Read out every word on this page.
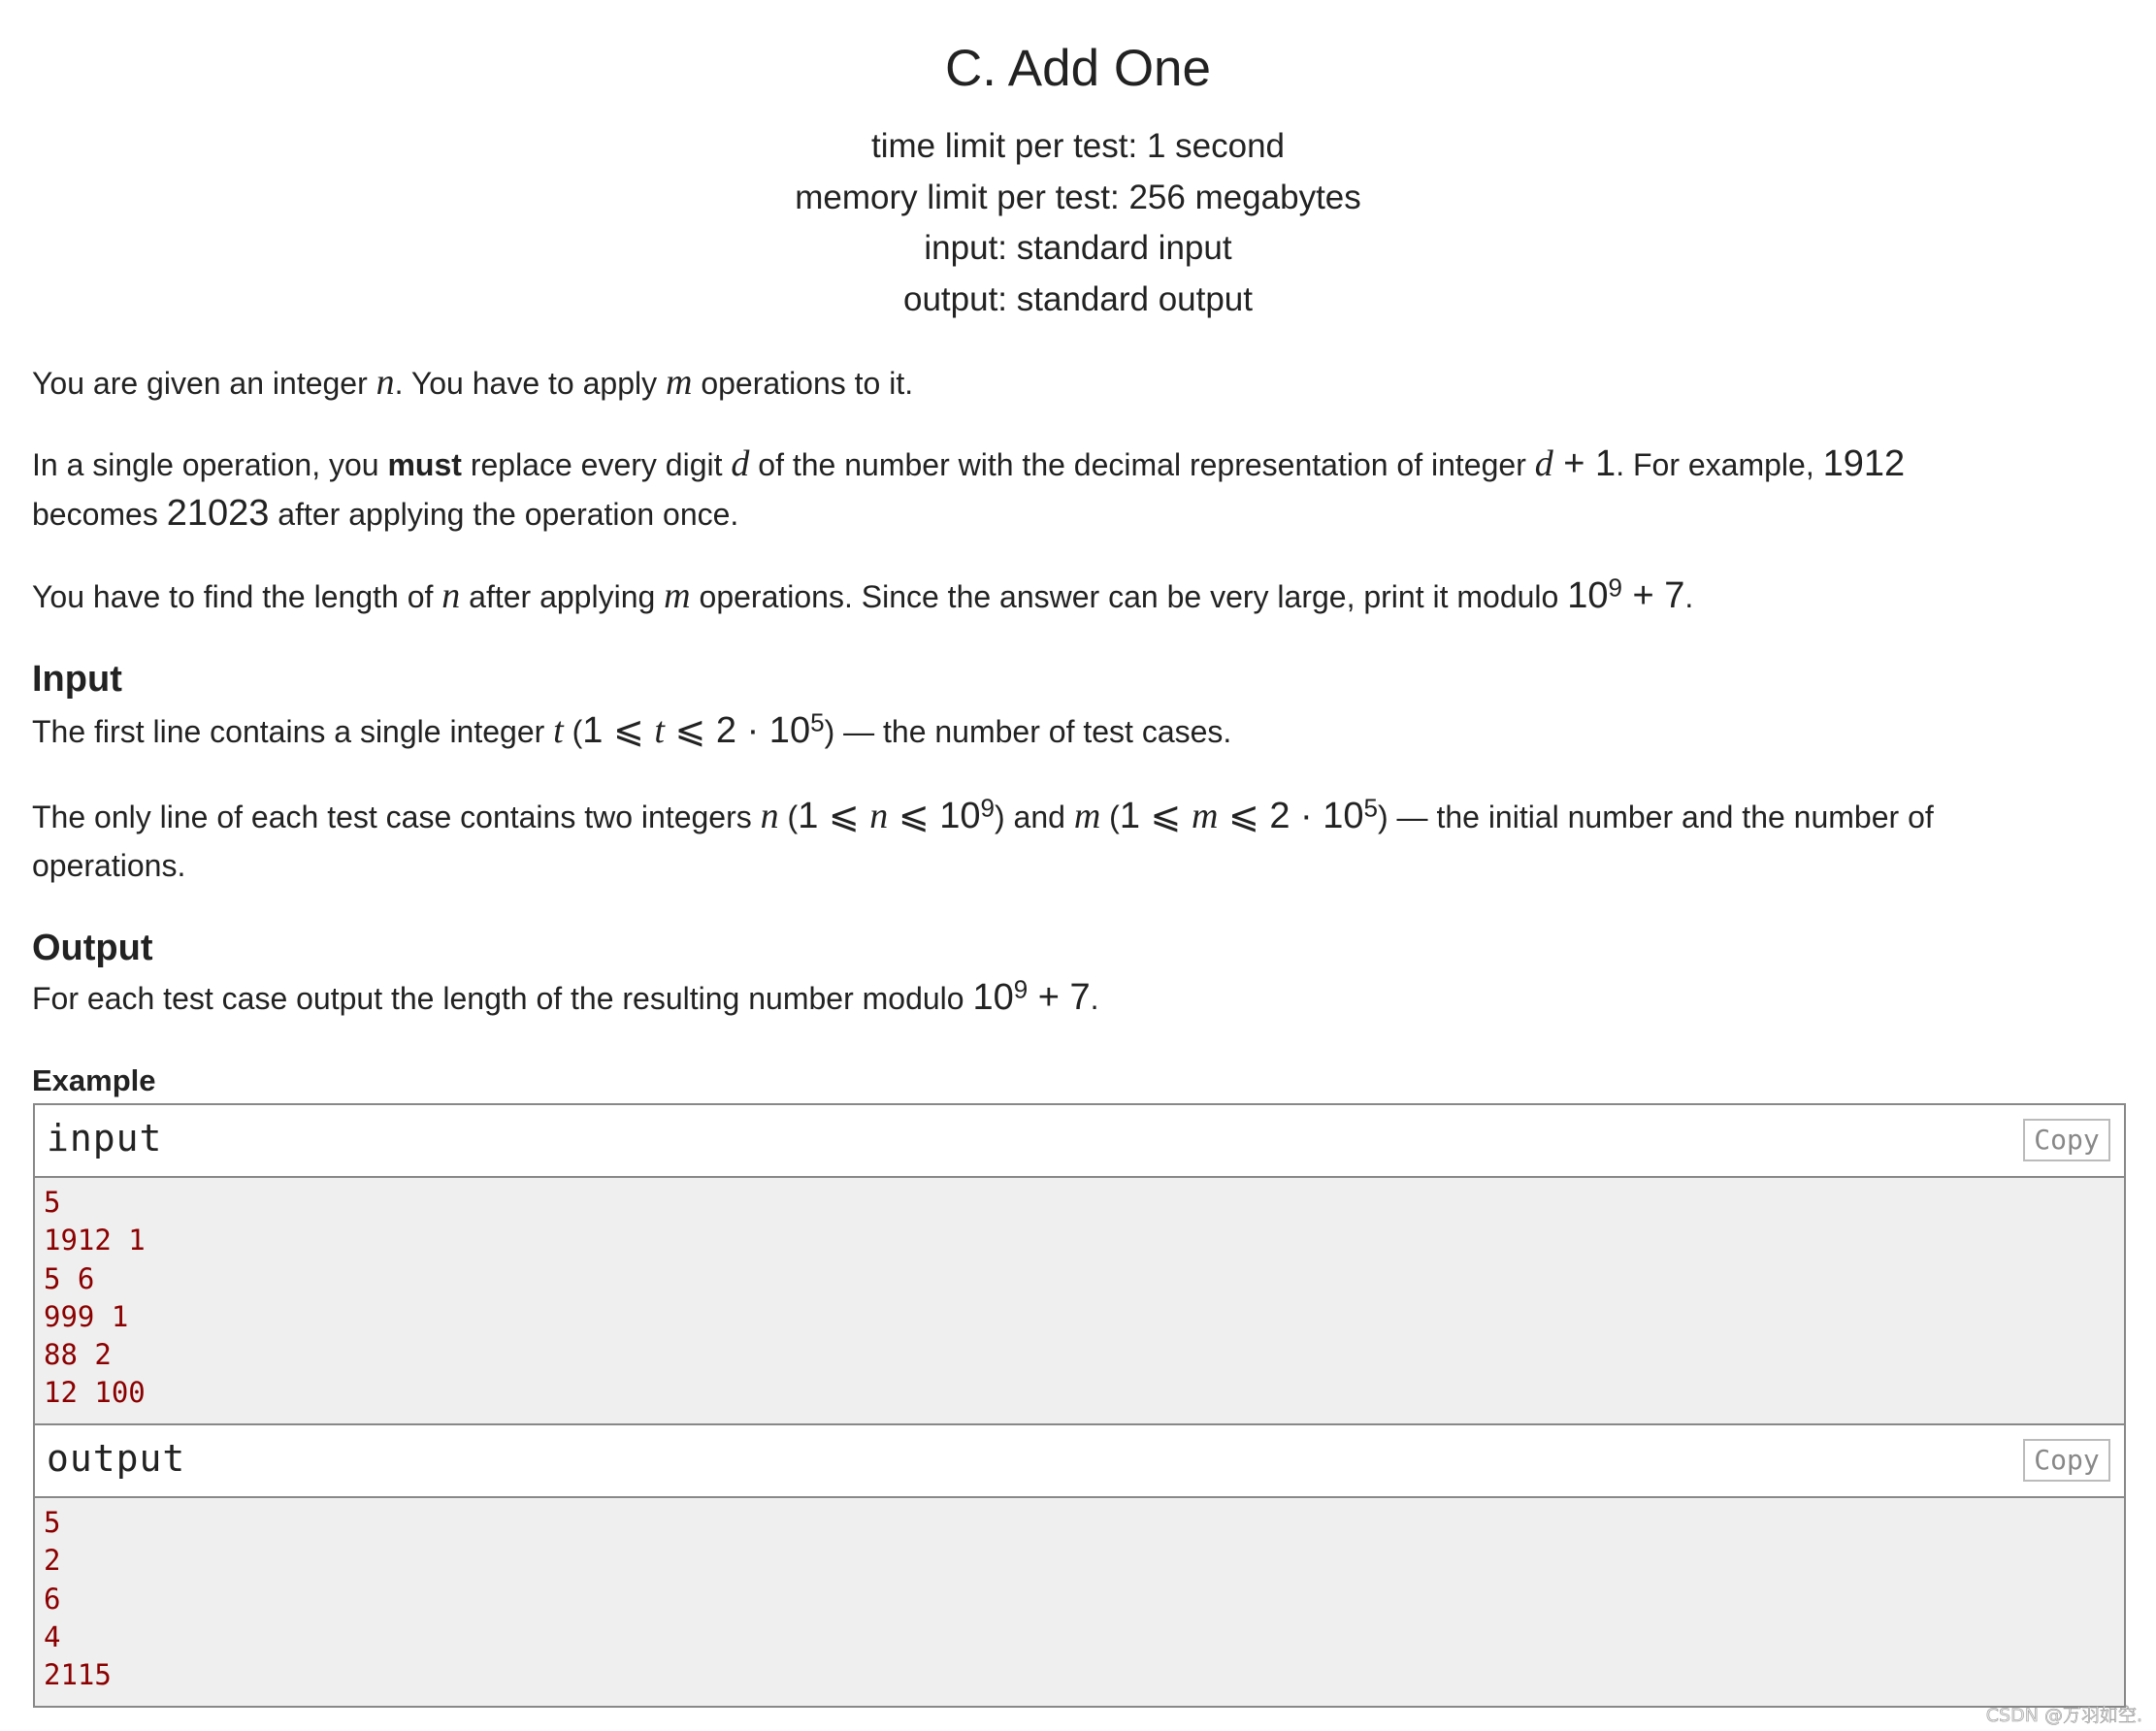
C. Add One
time limit per test: 1 second
memory limit per test: 256 megabytes
input: standard input
output: standard output
You are given an integer n. You have to apply m operations to it.
In a single operation, you must replace every digit d of the number with the decimal representation of integer d + 1. For example, 1912
becomes 21023 after applying the operation once.
You have to find the length of n after applying m operations. Since the answer can be very large, print it modulo $10^9 + 7$.
Input
The first line contains a single integer t (1 ⩽ t ⩽ $2 \cdot 10^5$) — the number of test cases.
The only line of each test case contains two integers n (1 ⩽ n ⩽ $10^9$) and m (1 ⩽ m ⩽ $2 \cdot 10^5$) — the initial number and the number of
operations.
Output
For each test case output the length of the resulting number modulo $10^9 + 7$.
Example
input	Copy
5
1912 1
5 6
999 1
88 2
12 100
output	Copy
5
2
6
4
2115
CSDN @万羽如空.
